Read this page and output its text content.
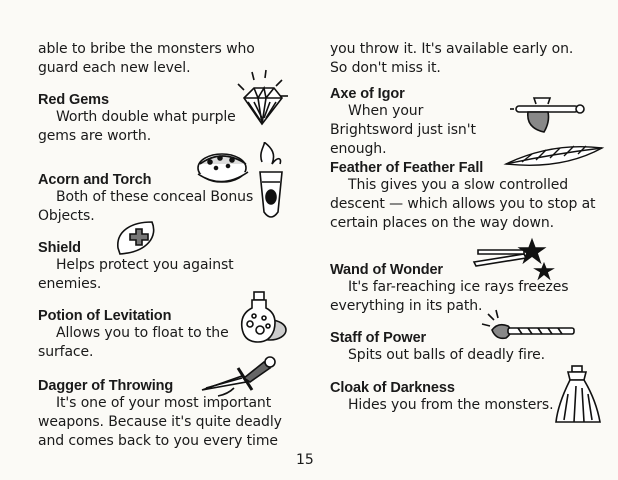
able to bribe the monsters who guard each new level.

Red Gems

Worth double what purple gems are worth.

Acorn and Torch

Both of these conceal Bonus Objects.

Shield

Helps protect you against enemies.

Potion of Levitation

Allows you to float to the surface.

Dagger of Throwing

It's one of your most important weapons. Because it's quite deadly and comes back to you every time

you throw it. It's available early on. So don't miss it.

Axe of Igor

When your Brightsword just isn't enough.

Feather of Feather Fall

This gives you a slow controlled descent — which allows you to stop at certain places on the way down.

Wand of Wonder

It's far-reaching ice rays freezes everything in its path.

Staff of Power

Spits out balls of deadly fire.

Cloak of Darkness

Hides you from the monsters.

15
